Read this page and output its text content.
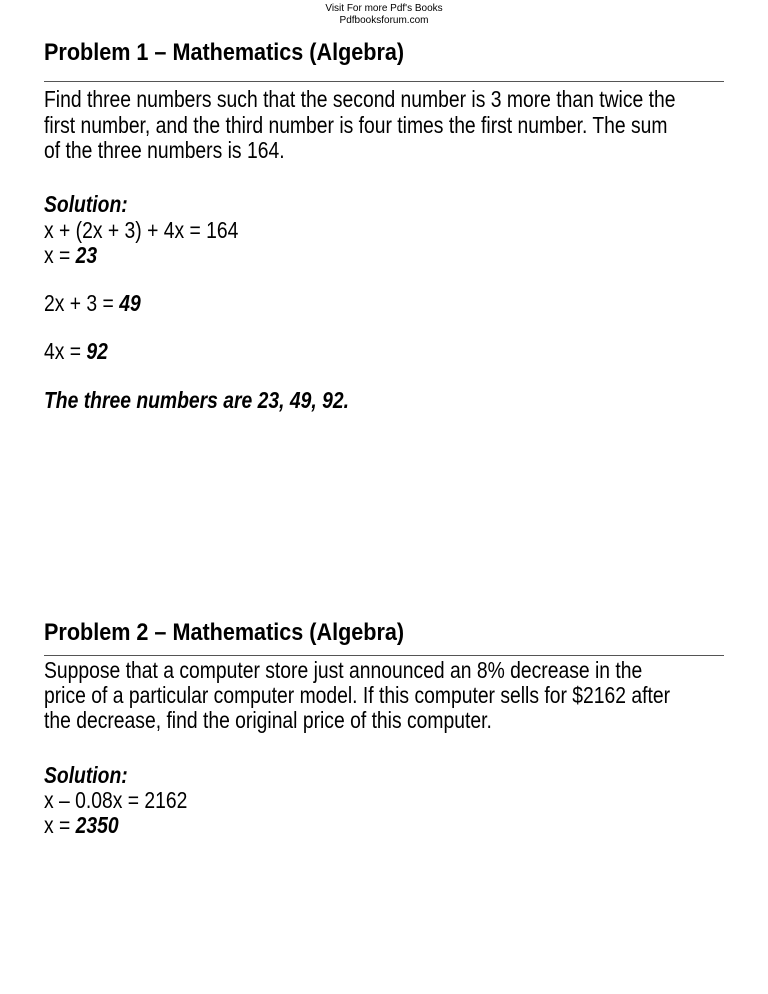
Visit For more Pdf's Books
Pdfbooksforum.com
Problem 1 – Mathematics (Algebra)
Find three numbers such that the second number is 3 more than twice the
first number, and the third number is four times the first number. The sum
of the three numbers is 164.
Solution:
x + (2x + 3) + 4x = 164
x = 23
2x + 3 = 49
4x = 92
The three numbers are 23, 49, 92.
Problem 2 – Mathematics (Algebra)
Suppose that a computer store just announced an 8% decrease in the
price of a particular computer model. If this computer sells for $2162 after
the decrease, find the original price of this computer.
Solution:
x – 0.08x = 2162
x = 2350
